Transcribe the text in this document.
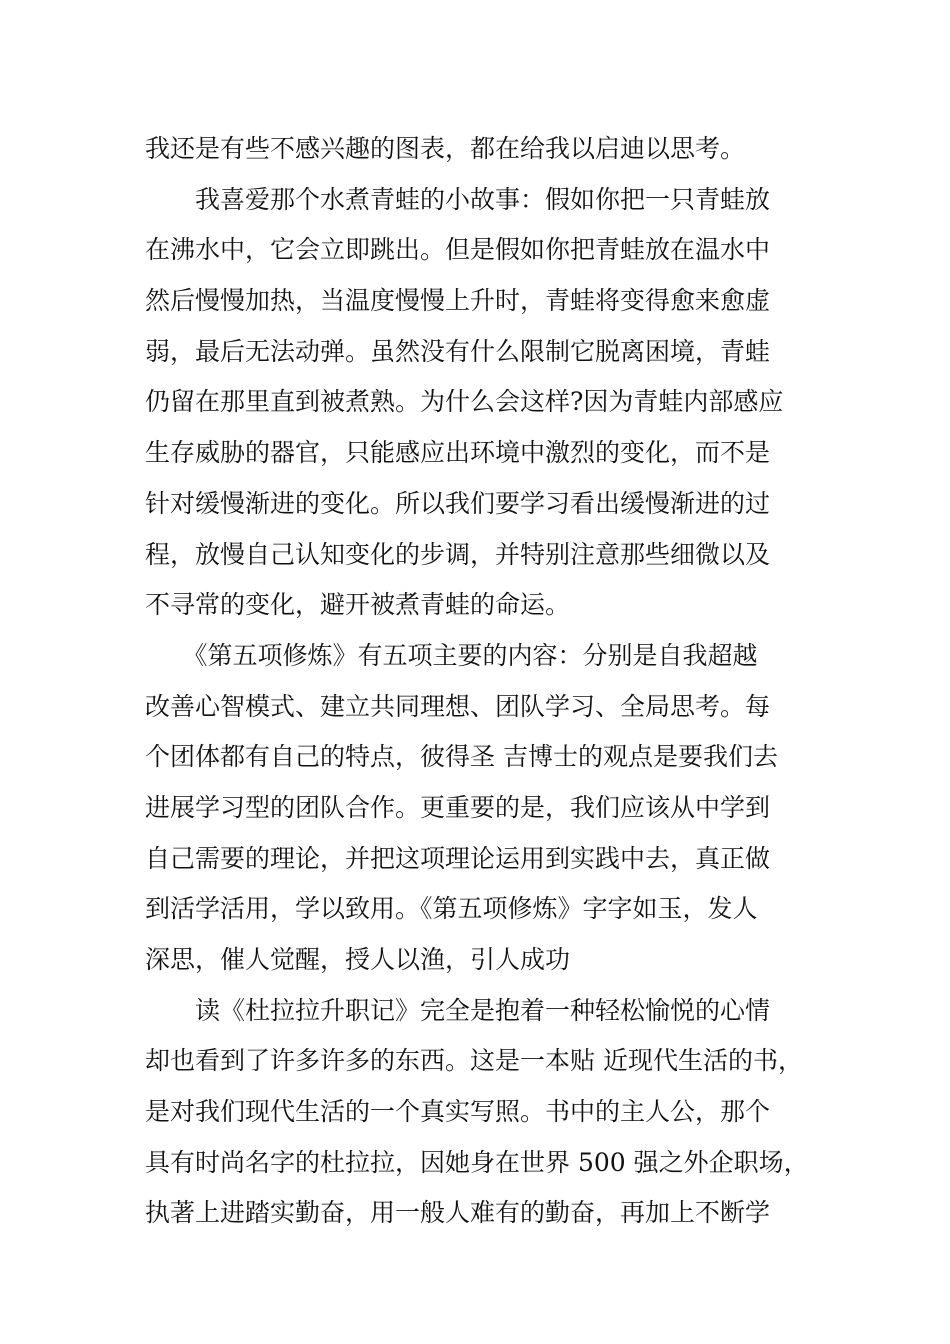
我还是有些不感兴趣的图表，都在给我以启迪以思考。
　　我喜爱那个水煮青蛙的小故事：假如你把一只青蛙放
在沸水中，它会立即跳出。但是假如你把青蛙放在温水中
然后慢慢加热，当温度慢慢上升时，青蛙将变得愈来愈虚
弱，最后无法动弹。虽然没有什么限制它脱离困境，青蛙
仍留在那里直到被煮熟。为什么会这样?因为青蛙内部感应
生存威胁的器官，只能感应出环境中激烈的变化，而不是
针对缓慢渐进的变化。所以我们要学习看出缓慢渐进的过
程，放慢自己认知变化的步调，并特别注意那些细微以及
不寻常的变化，避开被煮青蛙的命运。
　　《第五项修炼》有五项主要的内容：分别是自我超越
改善心智模式、建立共同理想、团队学习、全局思考。每
个团体都有自己的特点，彼得圣 吉博士的观点是要我们去
进展学习型的团队合作。更重要的是，我们应该从中学到
自己需要的理论，并把这项理论运用到实践中去，真正做
到活学活用，学以致用。《第五项修炼》字字如玉，发人
深思，催人觉醒，授人以渔，引人成功
　　读《杜拉拉升职记》完全是抱着一种轻松愉悦的心情
却也看到了许多许多的东西。这是一本贴 近现代生活的书，
是对我们现代生活的一个真实写照。书中的主人公，那个
具有时尚名字的杜拉拉，因她身在世界 500 强之外企职场，
执著上进踏实勤奋，用一般人难有的勤奋，再加上不断学
